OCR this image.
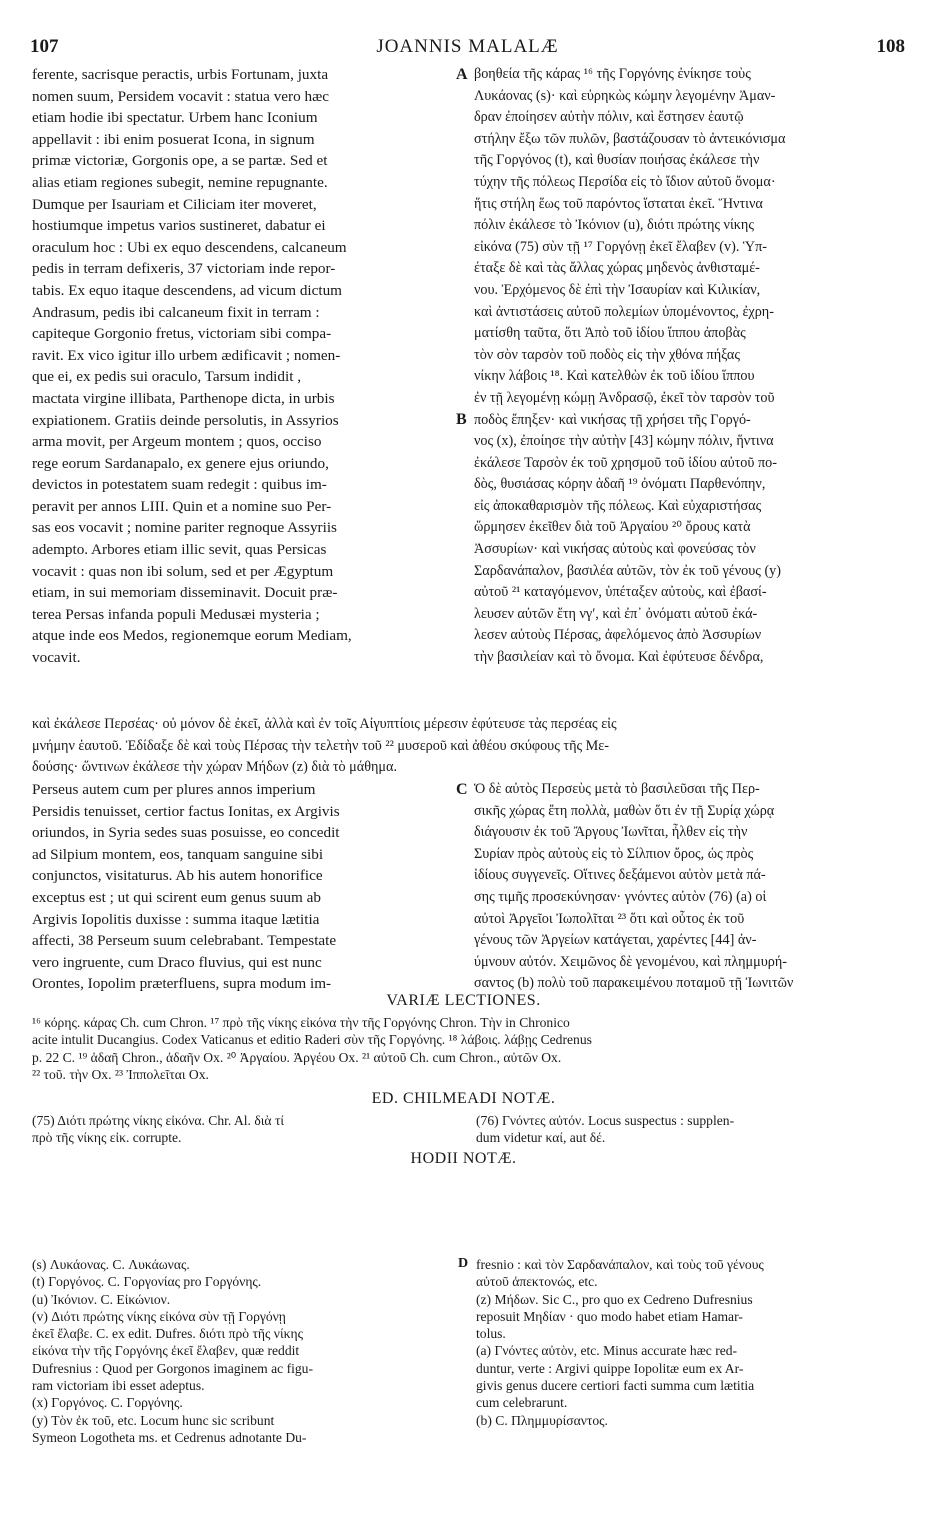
107	JOANNIS MALALÆ	108
ferente, sacrisque peractis, urbis Fortunam, juxta
nomen suum, Persidem vocavit : statua vero hæc
etiam hodie ibi spectatur. Urbem hanc Iconium
appellavit : ibi enim posuerat Icona, in signum
primæ victoriæ, Gorgonis ope, a se partæ. Sed et
alias etiam regiones subegit, nemine repugnante.
Dumque per Isauriam et Ciliciam iter moveret,
hostiumque impetus varios sustineret, dabatur ei
oraculum hoc : Ubi ex equo descendens, calcaneum
pedis in terram defixeris, 37 victoriam inde repor-
tabis. Ex equo itaque descendens, ad vicum dictum
Andrasum, pedis ibi calcaneum fixit in terram :
capiteque Gorgonio fretus, victoriam sibi compa-
ravit. Ex vico igitur illo urbem ædificavit ; nomen-
que ei, ex pedis sui oraculo, Tarsum indidit ,
mactata virgine illibata, Parthenope dicta, in urbis
expiationem. Gratiis deinde persolutis, in Assyrios
arma movit, per Argeum montem ; quos, occiso
rege eorum Sardanapalo, ex genere ejus oriundo,
devictos in potestatem suam redegit : quibus im-
peravit per annos LIII. Quin et a nomine suo Per-
sas eos vocavit ; nomine pariter regnoque Assyriis
adempto. Arbores etiam illic sevit, quas Persicas
vocavit : quas non ibi solum, sed et per Ægyptum
etiam, in sui memoriam disseminavit. Docuit præ-
terea Persas infanda populi Medusæi mysteria ;
atque inde eos Medos, regionemque eorum Mediam,
vocavit.
βοηθεία τῆς κάρας ¹⁶ τῆς Γοργόνης ἐνίκησε τοὺς
Λυκάονας (s)· καὶ εὑρηκὼς κώμην λεγομένην Ἀμαν-
δραν ἐποίησεν αὐτὴν πόλιν, καὶ ἔστησεν ἑαυτῷ
στήλην ἔξω τῶν πυλῶν, βαστάζουσαν τὸ ἀντεικόνισμα
τῆς Γοργόνος (t), καὶ θυσίαν ποιήσας ἐκάλεσε τὴν
τύχην τῆς πόλεως Περσίδα εἰς τὸ ἴδιον αὐτοῦ ὄνομα·
ἥτις στήλη ἕως τοῦ παρόντος ἵσταται ἐκεῖ. Ἥντινα
πόλιν ἐκάλεσε τὸ Ἰκόνιον (u), διότι πρώτης νίκης
εἰκόνα (75) σὺν τῇ ¹⁷ Γοργόνῃ ἐκεῖ ἔλαβεν (v). Ὑπ-
έταξε δὲ καὶ τὰς ἄλλας χώρας μηδενὸς ἀνθισταμέ-
νου. Ἐρχόμενος δὲ ἐπὶ τὴν Ἰσαυρίαν καὶ Κιλικίαν,
καὶ ἀντιστάσεις αὐτοῦ πολεμίων ὑπομένοντος, ἐχρη-
ματίσθη ταῦτα, ὅτι Ἀπὸ τοῦ ἰδίου ἵππου ἀποβὰς
τὸν σὸν ταρσὸν τοῦ ποδὸς εἰς τὴν χθόνα πήξας
νίκην λάβοις ¹⁸. Καὶ κατελθὼν ἐκ τοῦ ἰδίου ἵππου
ἐν τῇ λεγομένῃ κώμῃ Ἀνδρασῷ, ἐκεῖ τὸν ταρσὸν τοῦ
ποδὸς ἔπηξεν· καὶ νικήσας τῇ χρήσει τῆς Γοργό-
νος (x), ἐποίησε τὴν αὐτὴν [43] κώμην πόλιν, ἥντινα
ἐκάλεσε Ταρσὸν ἐκ τοῦ χρησμοῦ τοῦ ἰδίου αὐτοῦ πο-
δὸς, θυσιάσας κόρην ἁδαῆ ¹⁹ ὀνόματι Παρθενόπην,
εἰς ἀποκαθαρισμὸν τῆς πόλεως. Καὶ εὐχαριστήσας
ὥρμησεν ἐκεῖθεν διὰ τοῦ Ἀργαίου ²⁰ ὄρους κατὰ
Ἀσσυρίων· καὶ νικήσας αὐτοὺς καὶ φονεύσας τὸν
Σαρδανάπαλον, βασιλέα αὐτῶν, τὸν ἐκ τοῦ γένους (y)
αὐτοῦ ²¹ καταγόμενον, ὑπέταξεν αὐτοὺς, καὶ ἐβασί-
λευσεν αὐτῶν ἔτη νγʹ, καὶ ἐπ᾽ ὀνόματι αὐτοῦ ἐκά-
λεσεν αὐτοὺς Πέρσας, ἀφελόμενος ἀπὸ Ἀσσυρίων
τὴν βασιλείαν καὶ τὸ ὄνομα. Καὶ ἐφύτευσε δένδρα,
A
B
καὶ ἐκάλεσε Περσέας· οὐ μόνον δὲ ἐκεῖ, ἀλλὰ καὶ ἐν τοῖς Αἰγυπτίοις μέρεσιν ἐφύτευσε τὰς περσέας εἰς
μνήμην ἑαυτοῦ. Ἐδίδαξε δὲ καὶ τοὺς Πέρσας τὴν τελετὴν τοῦ ²² μυσεροῦ καὶ ἀθέου σκύφους τῆς Με-
δούσης· ὥντινων ἐκάλεσε τὴν χώραν Μήδων (z) διὰ τὸ μάθημα.
Perseus autem cum per plures annos imperium
Persidis tenuisset, certior factus Ionitas, ex Argivis
oriundos, in Syria sedes suas posuisse, eo concedit
ad Silpium montem, eos, tanquam sanguine sibi
conjunctos, visitaturus. Ab his autem honorifice
exceptus est ; ut qui scirent eum genus suum ab
Argivis Iopolitis duxisse : summa itaque lætitia
affecti, 38 Perseum suum celebrabant. Tempestate
vero ingruente, cum Draco fluvius, qui est nunc
Orontes, Iopolim præterfluens, supra modum im-
Ὁ δὲ αὐτὸς Περσεὺς μετὰ τὸ βασιλεῦσαι τῆς Περ-
σικῆς χώρας ἔτη πολλὰ, μαθὼν ὅτι ἐν τῇ Συρίᾳ χώρᾳ
διάγουσιν ἐκ τοῦ Ἄργους Ἰωνῖται, ἦλθεν εἰς τὴν
Συρίαν πρὸς αὐτοὺς εἰς τὸ Σίλπιον ὄρος, ὡς πρὸς
ἰδίους συγγενεῖς. Οἵτινες δεξάμενοι αὐτὸν μετὰ πά-
σης τιμῆς προσεκύνησαν· γνόντες αὐτὸν (76) (a) οἱ
αὐτοὶ Ἀργεῖοι Ἰωπολῖται ²³ ὅτι καὶ οὗτος ἐκ τοῦ
γένους τῶν Ἀργείων κατάγεται, χαρέντες [44] ἀν-
ύμνουν αὐτόν. Χειμῶνος δὲ γενομένου, καὶ πλημμυρή-
σαντος (b) πολὺ τοῦ παρακειμένου ποταμοῦ τῇ Ἰωνιτῶν
C
VARIÆ LECTIONES.
¹⁶ κόρης. κάρας Ch. cum Chron. ¹⁷ πρὸ τῆς νίκης εἰκόνα τὴν τῆς Γοργόνης Chron. Τὴν in Chronico
acite intulit Ducangius. Codex Vaticanus et editio Raderi σὺν τῆς Γοργόνης. ¹⁸ λάβοις. λάβῃς Cedrenus
p. 22 C. ¹⁹ ἁδαῆ Chron., ἀδαῆν Ox. ²⁰ Ἀργαίου. Ἀργέου Ox. ²¹ αὐτοῦ Ch. cum Chron., αὐτῶν Ox.
²² τοῦ. τὴν Ox. ²³ Ἰππολεῖται Ox.
ED. CHILMEADI NOTÆ.
(75) Διότι πρώτης νίκης εἰκόνα. Chr. Al. διὰ τί
πρὸ τῆς νίκης εἰκ. corrupte.
(76) Γνόντες αὐτόν. Locus suspectus : supplen-
dum videtur καί, aut δέ.
HODII NOTÆ.
(s) Λυκάονας. C. Λυκάωνας.
(t) Γοργόνος. C. Γοργονίας pro Γοργόνης.
(u) Ἰκόνιον. C. Εἰκώνιον.
(v) Διότι πρώτης νίκης εἰκόνα σὺν τῇ Γοργόνῃ
ἐκεῖ ἔλαβε. C. ex edit. Dufres. διότι πρὸ τῆς νίκης
εἰκόνα τὴν τῆς Γοργόνης ἐκεῖ ἔλαβεν, quæ reddit
Dufresnius : Quod per Gorgonos imaginem ac figu-
ram victoriam ibi esset adeptus.
(x) Γοργόνος. C. Γοργόνης.
(y) Τὸν ἐκ τοῦ, etc. Locum hunc sic scribunt
Symeon Logotheta ms. et Cedrenus adnotante Du-
fresnio : καὶ τὸν Σαρδανάπαλον, καὶ τοὺς τοῦ γένους
αὐτοῦ ἀπεκτονώς, etc.
(z) Μήδων. Sic C., pro quo ex Cedreno Dufresnius
reposuit Μηδίαν · quo modo habet etiam Hamar-
tolus.
(a) Γνόντες αὐτὸν, etc. Minus accurate hæc red-
duntur, verte : Argivi quippe Iopolitæ eum ex Ar-
givis genus ducere certiori facti summa cum lætitia
cum celebrarunt.
(b) C. Πλημμυρίσαντος.
D
